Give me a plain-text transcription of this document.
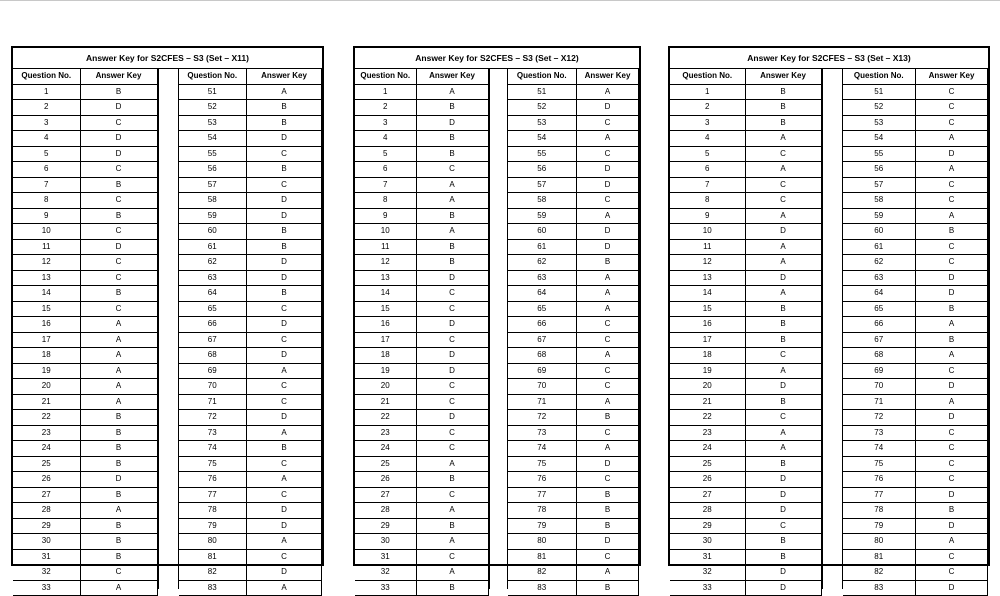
Answer Key for S2CFES – S3 (Set – X11)
Question No.	Answer Key
1	B
2	D
3	C
4	D
5	D
6	C
7	B
8	C
9	B
10	C
11	D
12	C
13	C
14	B
15	C
16	A
17	A
18	A
19	A
20	A
21	A
22	B
23	B
24	B
25	B
26	D
27	B
28	A
29	B
30	B
31	B
32	C
33	A
Question No.	Answer Key
51	A
52	B
53	B
54	D
55	C
56	B
57	C
58	D
59	D
60	B
61	B
62	D
63	D
64	B
65	C
66	D
67	C
68	D
69	A
70	C
71	C
72	D
73	A
74	B
75	C
76	A
77	C
78	D
79	D
80	A
81	C
82	D
83	A
Answer Key for S2CFES – S3 (Set – X12)
Question No.	Answer Key
1	A
2	B
3	D
4	B
5	B
6	C
7	A
8	A
9	B
10	A
11	B
12	B
13	D
14	C
15	C
16	D
17	C
18	D
19	D
20	C
21	C
22	D
23	C
24	C
25	A
26	B
27	C
28	A
29	B
30	A
31	C
32	A
33	B
Question No.	Answer Key
51	A
52	D
53	C
54	A
55	C
56	D
57	D
58	C
59	A
60	D
61	D
62	B
63	A
64	A
65	A
66	C
67	C
68	A
69	C
70	C
71	A
72	B
73	C
74	A
75	D
76	C
77	B
78	B
79	B
80	D
81	C
82	A
83	B
Answer Key for S2CFES – S3 (Set – X13)
Question No.	Answer Key
1	B
2	B
3	B
4	A
5	C
6	A
7	C
8	C
9	A
10	D
11	A
12	A
13	D
14	A
15	B
16	B
17	B
18	C
19	A
20	D
21	B
22	C
23	A
24	A
25	B
26	D
27	D
28	D
29	C
30	B
31	B
32	D
33	D
Question No.	Answer Key
51	C
52	C
53	C
54	A
55	D
56	A
57	C
58	C
59	A
60	B
61	C
62	C
63	D
64	D
65	B
66	A
67	B
68	A
69	C
70	D
71	A
72	D
73	C
74	C
75	C
76	C
77	D
78	B
79	D
80	A
81	C
82	C
83	D
